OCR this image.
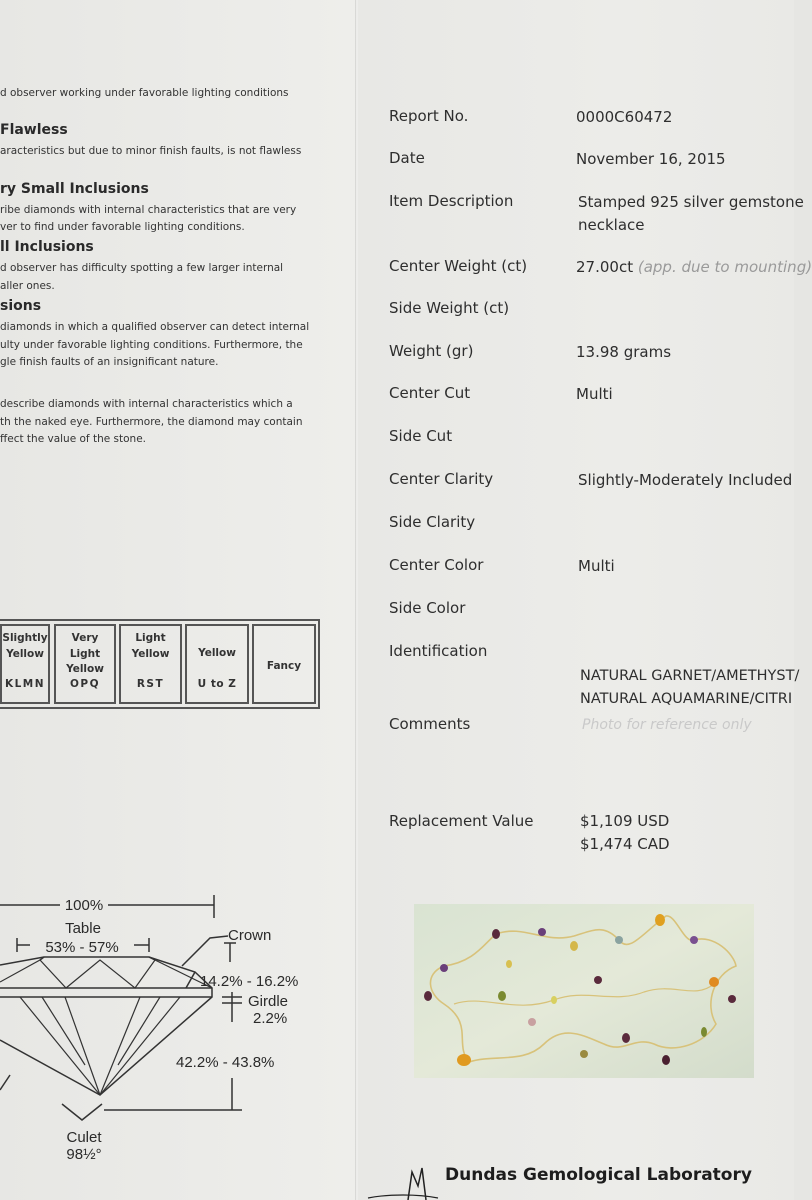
d observer working under favorable lighting conditions
Flawless
aracteristics but due to minor finish faults, is not flawless
ry Small Inclusions
ribe diamonds with internal characteristics that are very
ver to find under favorable lighting conditions.
ll Inclusions
d observer has difficulty spotting a few larger internal
aller ones.
sions
diamonds in which a qualified observer can detect internal
ulty under favorable lighting conditions. Furthermore, the
gle finish faults of an insignificant nature.
describe diamonds with internal characteristics which a
th the naked eye. Furthermore, the diamond may contain
ffect the value of the stone.
Slightly
Yellow
KLMN
Very
Light
Yellow
OPQ
Light
Yellow
RST
Yellow
U to Z
Fancy
100%
Table
53% - 57%
Crown
14.2% - 16.2%
Girdle
2.2%
42.2% - 43.8%
Culet
98½°
Report No.	0000C60472
Date	November 16, 2015
Item Description	Stamped 925 silver gemstone
necklace
Center Weight (ct)	27.00ct (app. due to mounting)
Side Weight (ct)
Weight (gr)	13.98 grams
Center Cut	Multi
Side Cut
Center Clarity	Slightly-Moderately Included
Side Clarity
Center Color	Multi
Side Color
Identification
NATURAL GARNET/AMETHYST/
NATURAL AQUAMARINE/CITRI
Comments	Photo for reference only
Replacement Value	$1,109 USD
$1,474 CAD
Dundas Gemological Laboratory
